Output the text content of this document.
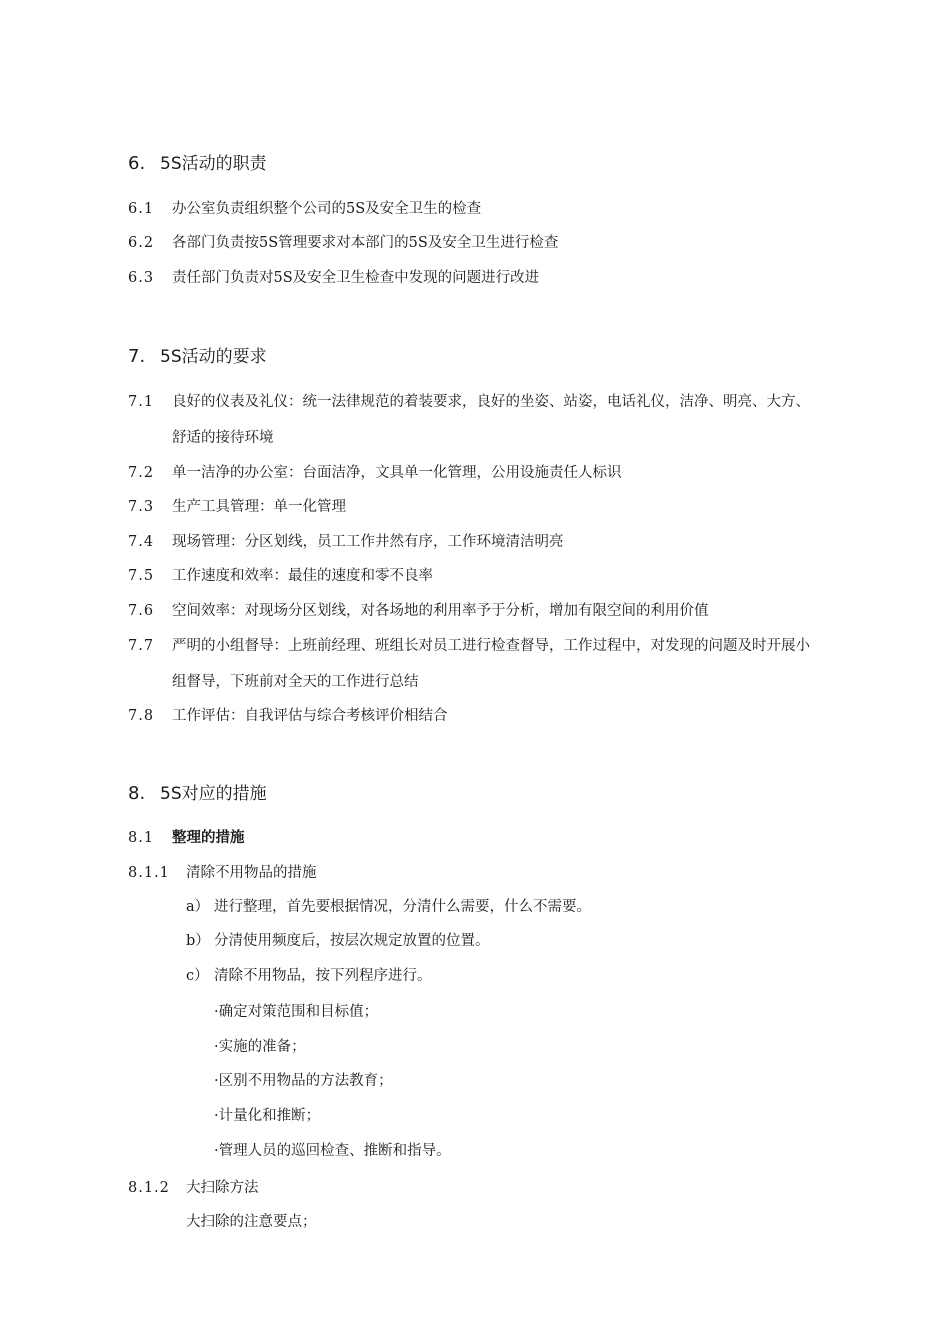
6. 5S活动的职责
6.1 办公室负责组织整个公司的5S及安全卫生的检查
6.2 各部门负责按5S管理要求对本部门的5S及安全卫生进行检查
6.3 责任部门负责对5S及安全卫生检查中发现的问题进行改进
7. 5S活动的要求
7.1 良好的仪表及礼仪：统一法律规范的着装要求，良好的坐姿、站姿，电话礼仪，洁净、明亮、大方、
舒适的接待环境
7.2 单一洁净的办公室：台面洁净，文具单一化管理，公用设施责任人标识
7.3 生产工具管理：单一化管理
7.4 现场管理：分区划线，员工工作井然有序，工作环境清洁明亮
7.5 工作速度和效率：最佳的速度和零不良率
7.6 空间效率：对现场分区划线，对各场地的利用率予于分析，增加有限空间的利用价值
7.7 严明的小组督导：上班前经理、班组长对员工进行检查督导，工作过程中，对发现的问题及时开展小
组督导，下班前对全天的工作进行总结
7.8 工作评估：自我评估与综合考核评价相结合
8. 5S对应的措施
8.1 整理的措施
8.1.1 清除不用物品的措施
a） 进行整理，首先要根据情况，分清什么需要，什么不需要。
b） 分清使用频度后，按层次规定放置的位置。
c） 清除不用物品，按下列程序进行。
·确定对策范围和目标值；
·实施的准备；
·区别不用物品的方法教育；
·计量化和推断；
·管理人员的巡回检查、推断和指导。
8.1.2 大扫除方法
大扫除的注意要点；
